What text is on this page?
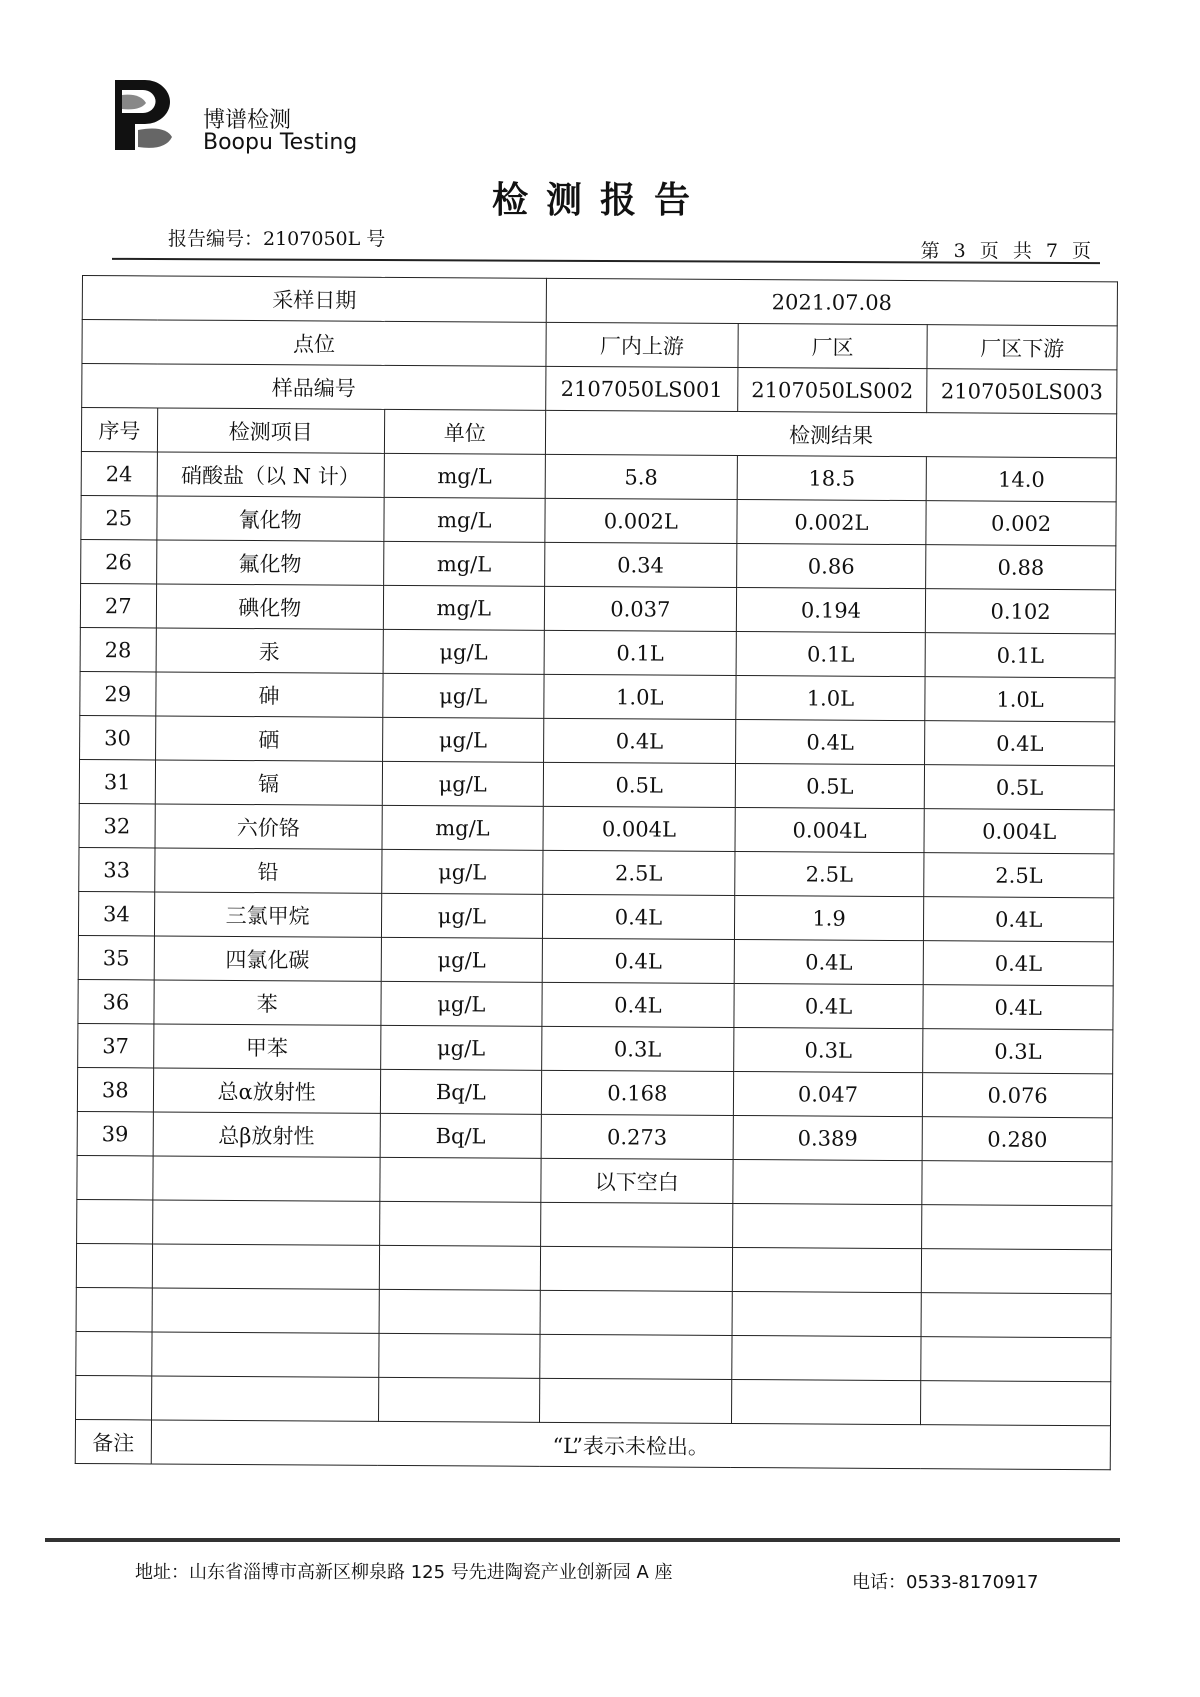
博谱检测
Boopu Testing
检测报告
报告编号：2107050L 号
第 3 页 共 7 页
采样日期			2021.07.08		
点位			厂内上游	厂区	厂区下游
样品编号			2107050LS001	2107050LS002	2107050LS003
序号	检测项目	单位	检测结果		
24	硝酸盐（以 N 计）	mg/L	5.8	18.5	14.0
25	氰化物	mg/L	0.002L	0.002L	0.002
26	氟化物	mg/L	0.34	0.86	0.88
27	碘化物	mg/L	0.037	0.194	0.102
28	汞	μg/L	0.1L	0.1L	0.1L
29	砷	μg/L	1.0L	1.0L	1.0L
30	硒	μg/L	0.4L	0.4L	0.4L
31	镉	μg/L	0.5L	0.5L	0.5L
32	六价铬	mg/L	0.004L	0.004L	0.004L
33	铅	μg/L	2.5L	2.5L	2.5L
34	三氯甲烷	μg/L	0.4L	1.9	0.4L
35	四氯化碳	μg/L	0.4L	0.4L	0.4L
36	苯	μg/L	0.4L	0.4L	0.4L
37	甲苯	μg/L	0.3L	0.3L	0.3L
38	总α放射性	Bq/L	0.168	0.047	0.076
39	总β放射性	Bq/L	0.273	0.389	0.280
			以下空白		

备注	“L”表示未检出。				
地址：山东省淄博市高新区柳泉路 125 号先进陶瓷产业创新园 A 座	电话：0533-8170917
